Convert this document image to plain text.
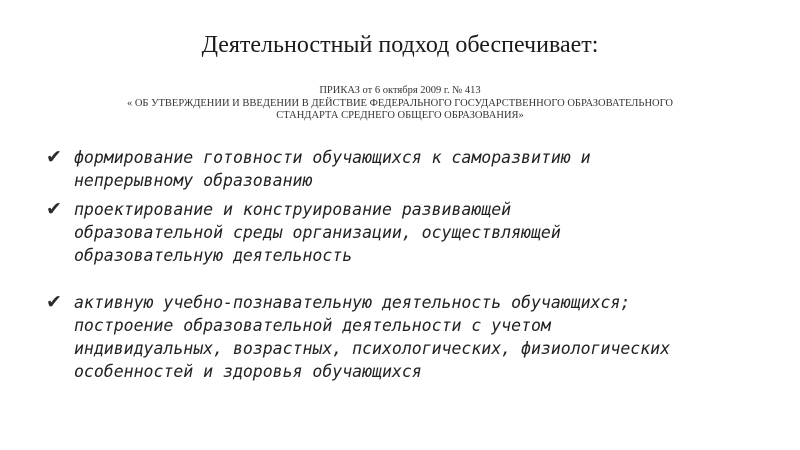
Деятельностный подход обеспечивает:
ПРИКАЗ от 6 октября 2009 г. № 413
« ОБ УТВЕРЖДЕНИИ И ВВЕДЕНИИ В ДЕЙСТВИЕ ФЕДЕРАЛЬНОГО ГОСУДАРСТВЕННОГО ОБРАЗОВАТЕЛЬНОГО
СТАНДАРТА СРЕДНЕГО ОБЩЕГО ОБРАЗОВАНИЯ»
✔ формирование готовности обучающихся к саморазвитию и
непрерывному образованию
✔ проектирование и конструирование развивающей
образовательной среды организации, осуществляющей
образовательную деятельность
✔ активную учебно-познавательную деятельность обучающихся;
построение образовательной деятельности с учетом
индивидуальных, возрастных, психологических, физиологических
особенностей и здоровья обучающихся
